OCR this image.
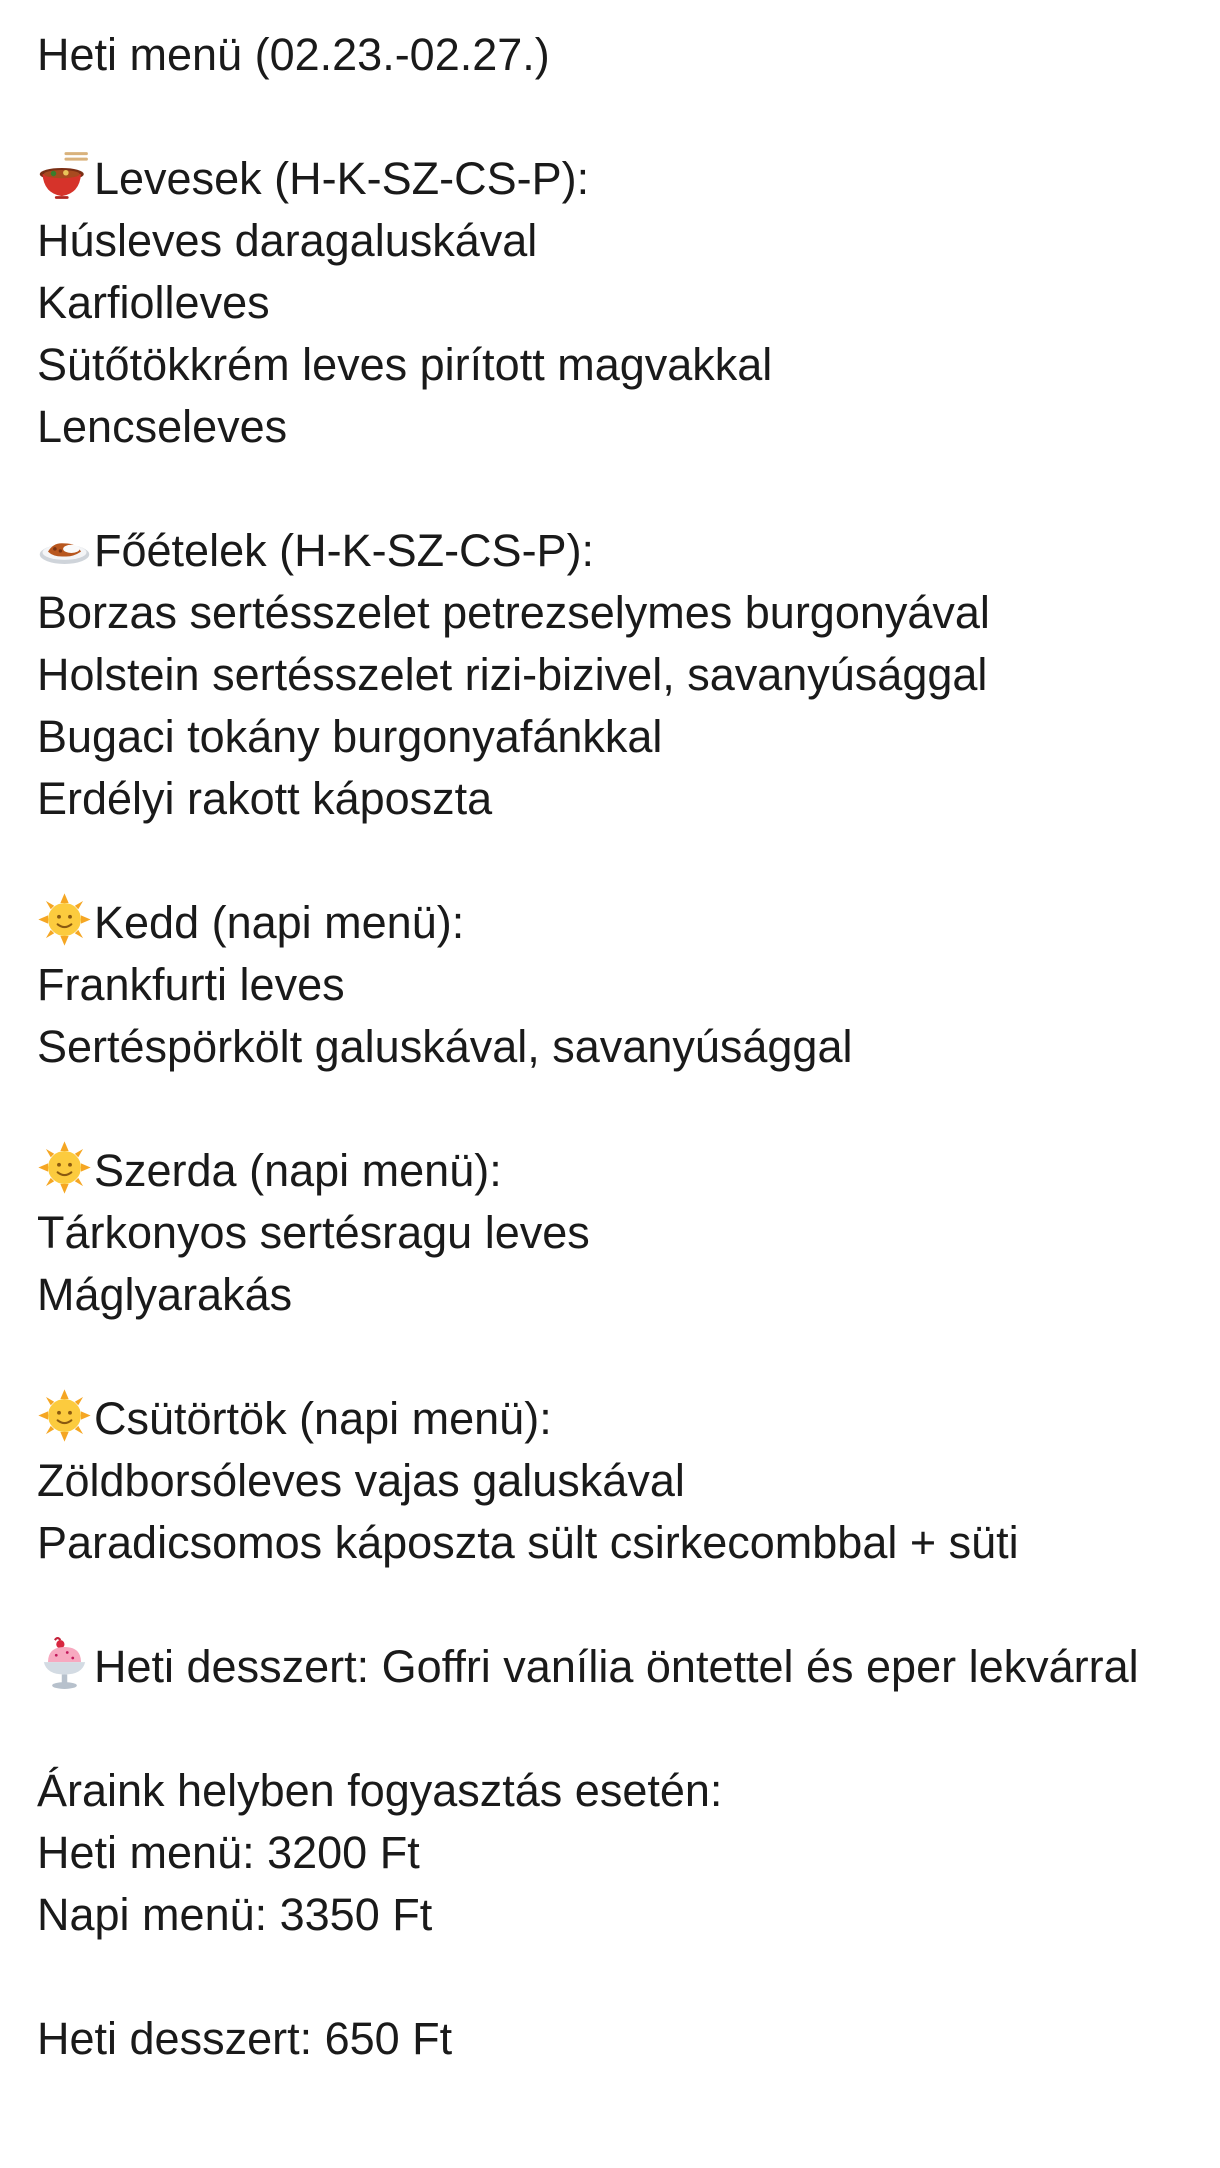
Heti menü (02.23.-02.27.)
Levesek (H-K-SZ-CS-P):
Húsleves daragaluskával
Karfiolleves
Sütőtökkrém leves pirított magvakkal
Lencseleves
Főételek (H-K-SZ-CS-P):
Borzas sertésszelet petrezselymes burgonyával
Holstein sertésszelet rizi-bizivel, savanyúsággal
Bugaci tokány burgonyafánkkal
Erdélyi rakott káposzta
Kedd (napi menü):
Frankfurti leves
Sertéspörkölt galuskával, savanyúsággal
Szerda (napi menü):
Tárkonyos sertésragu leves
Máglyarakás
Csütörtök (napi menü):
Zöldborsóleves vajas galuskával
Paradicsomos káposzta sült csirkecombbal + süti
Heti desszert: Goffri vanília öntettel és eper lekvárral
Áraink helyben fogyasztás esetén:
Heti menü: 3200 Ft
Napi menü: 3350 Ft
Heti desszert: 650 Ft
